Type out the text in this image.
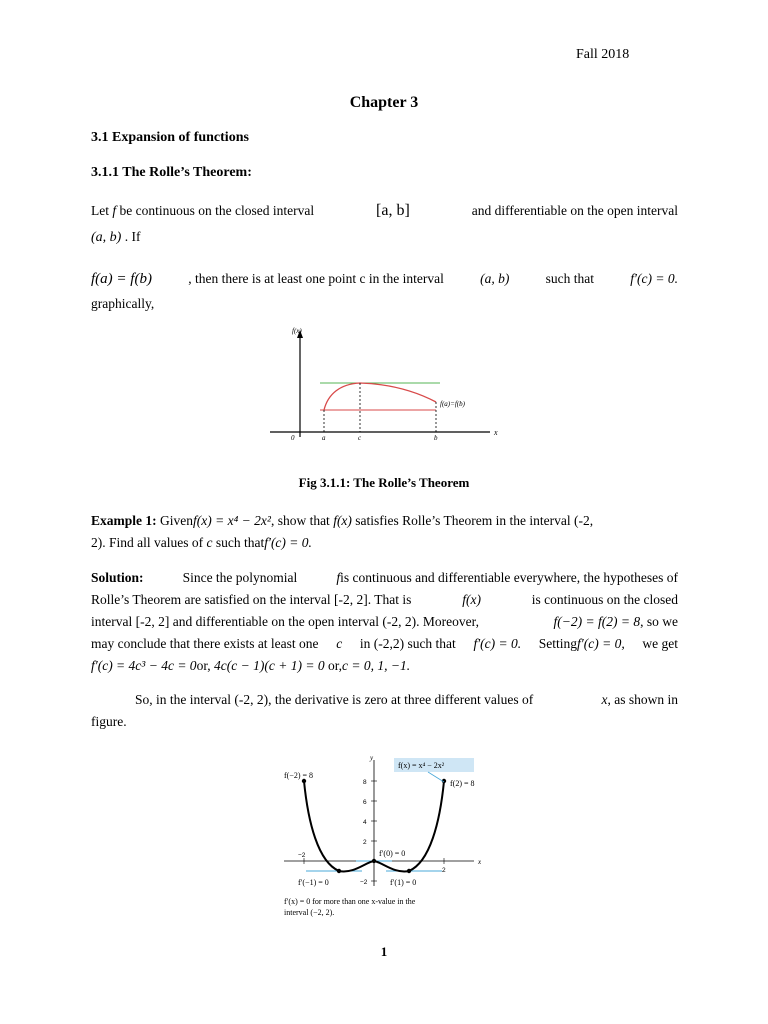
Fall 2018
Chapter 3
3.1 Expansion of functions
3.1.1 The Rolle’s Theorem:
Let f be continuous on the closed interval	[a, b]	and differentiable on the open interval
(a, b) . If
f(a) = f(b)	, then there is at least one point c in the interval	(a, b)	such that	f′(c) = 0.
graphically,
f(x)
x
0	a	c	b
f(a)=f(b)
Fig 3.1.1: The Rolle’s Theorem
Example 1: Givenf(x) = x⁴ − 2x², show that f(x) satisfies Rolle’s Theorem in the interval (-2,
2). Find all values of c such thatf′(c) = 0.
Solution:	Since the polynomial	fis continuous and differentiable everywhere, the hypotheses of
Rolle’s Theorem are satisfied on the interval [-2, 2]. That is	f(x)	is continuous on the closed
interval [-2, 2] and differentiable on the open interval (-2, 2). Moreover,	f(−2) = f(2) = 8, so we
may conclude that there exists at least one c in (-2,2) such that f′(c) = 0. Settingf′(c) = 0, we get
f′(c) = 4c³ − 4c = 0or, 4c(c − 1)(c + 1) = 0 or,c = 0, 1, −1.
So, in the interval (-2, 2), the derivative is zero at three different values of	x, as shown in
figure.
f(x) = x⁴ − 2x²
y
x
f(−2) = 8
f(2) = 8
f′(0) = 0
f′(−1) = 0	f′(1) = 0
8
6
4
2
−2
−2
2
f′(x) = 0 for more than one x-value in the
interval (−2, 2).
1
